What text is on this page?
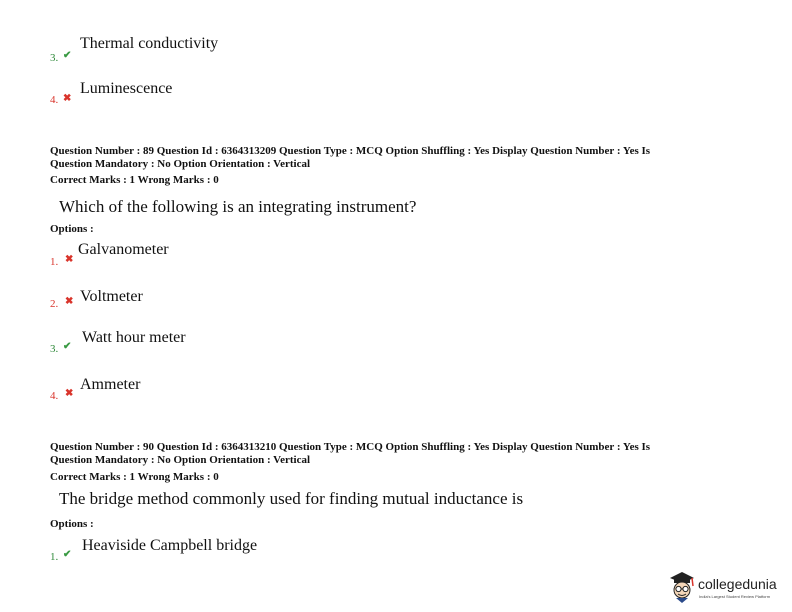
3. ✔
Thermal conductivity
4. ✖
Luminescence
Question Number : 89 Question Id : 6364313209 Question Type : MCQ Option Shuffling : Yes Display Question Number : Yes Is
Question Mandatory : No Option Orientation : Vertical
Correct Marks : 1 Wrong Marks : 0
Which of the following is an integrating instrument?
Options :
1. ✖
Galvanometer
2. ✖ Voltmeter
3. ✔
Watt hour meter
4. ✖
Ammeter
Question Number : 90 Question Id : 6364313210 Question Type : MCQ Option Shuffling : Yes Display Question Number : Yes Is
Question Mandatory : No Option Orientation : Vertical
Correct Marks : 1 Wrong Marks : 0
The bridge method commonly used for finding mutual inductance is
Options :
1. ✔
Heaviside Campbell bridge
collegedunia
India's Largest Student Review Platform
